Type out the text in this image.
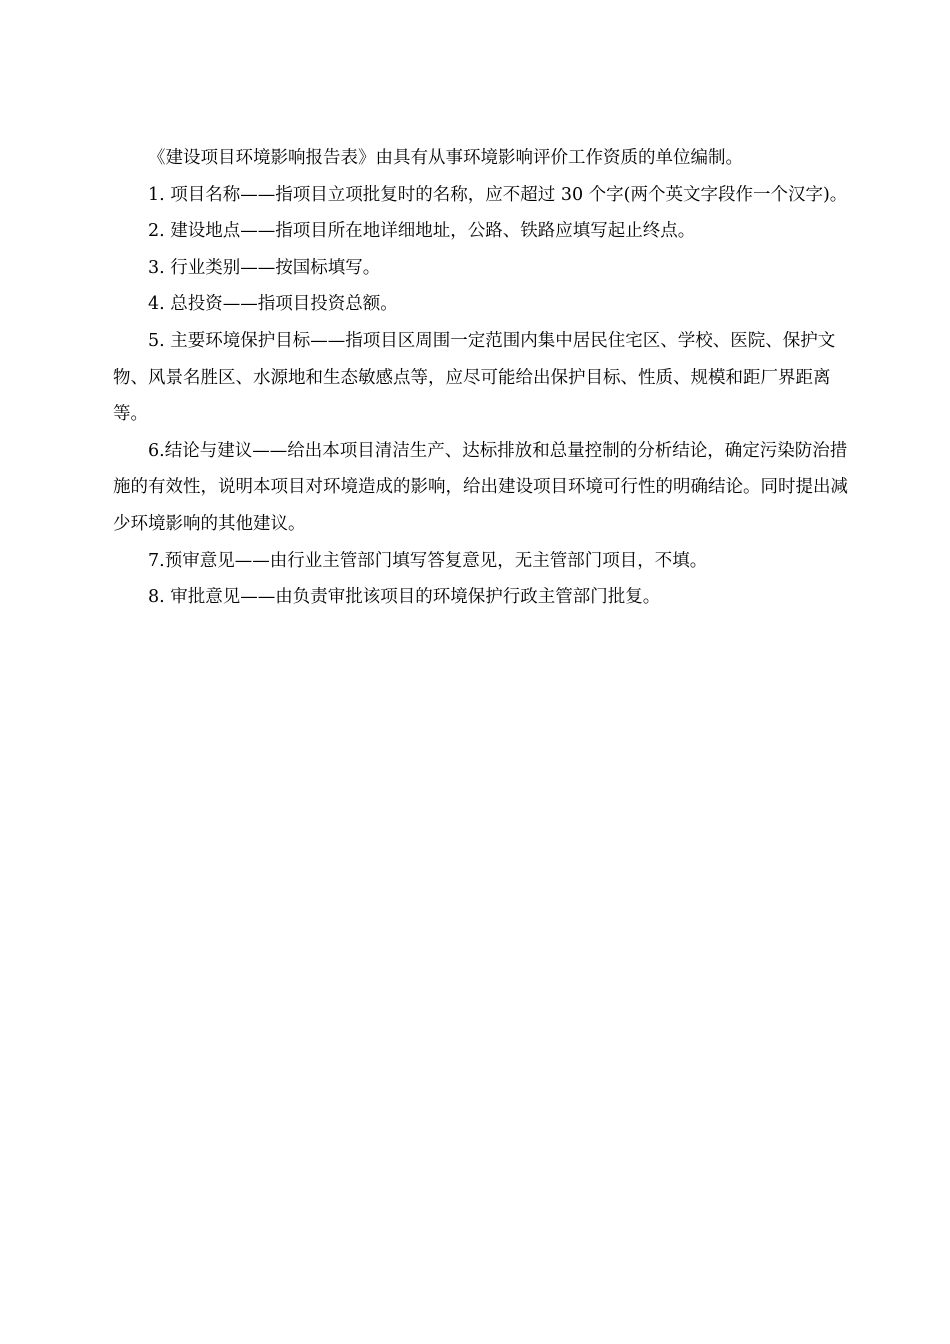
《建设项目环境影响报告表》由具有从事环境影响评价工作资质的单位编制。

1. 项目名称——指项目立项批复时的名称，应不超过 30 个字(两个英文字段作一个汉字)。

2. 建设地点——指项目所在地详细地址，公路、铁路应填写起止终点。

3. 行业类别——按国标填写。

4. 总投资——指项目投资总额。

5. 主要环境保护目标——指项目区周围一定范围内集中居民住宅区、学校、医院、保护文物、风景名胜区、水源地和生态敏感点等，应尽可能给出保护目标、性质、规模和距厂界距离等。

6.结论与建议——给出本项目清洁生产、达标排放和总量控制的分析结论，确定污染防治措施的有效性，说明本项目对环境造成的影响，给出建设项目环境可行性的明确结论。同时提出减少环境影响的其他建议。

7.预审意见——由行业主管部门填写答复意见，无主管部门项目，不填。

8. 审批意见——由负责审批该项目的环境保护行政主管部门批复。
